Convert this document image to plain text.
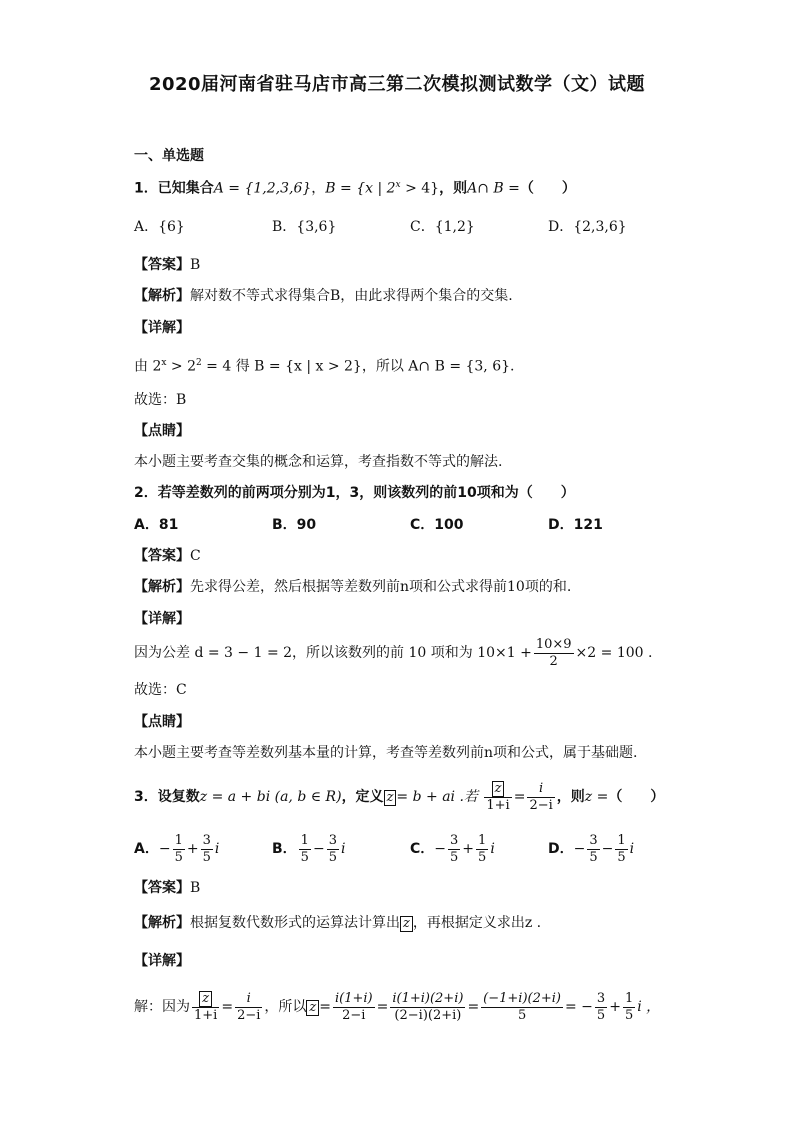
2020届河南省驻马店市高三第二次模拟测试数学（文）试题
一、单选题
1．已知集合A = {1,2,3,6}，B = {x | $2^x > 4$}，则A∩ B =（　　）
A．{6}	B．{3,6}	C．{1,2}	D．{2,3,6}
【答案】B
【解析】解对数不等式求得集合B，由此求得两个集合的交集.
【详解】
由 $2^x > 2^2 = 4$ 得 B = {x | x > 2}，所以 A∩ B = {3, 6}.
故选：B
【点睛】
本小题主要考查交集的概念和运算，考查指数不等式的解法.
2．若等差数列的前两项分别为1，3，则该数列的前10项和为（　　）
A．81	B．90	C．100	D．121
【答案】C
【解析】先求得公差，然后根据等差数列前n项和公式求得前10项的和.
【详解】
因为公差 d = 3 − 1 = 2，所以该数列的前 10 项和为 $10\times 1 + \frac{10\times 9}{2} \times 2 = 100$ .
故选：C
【点睛】
本小题主要考查等差数列基本量的计算，考查等差数列前n项和公式，属于基础题.
3．设复数z = a + bi (a, b ∈ R)，定义 z = b + ai .若 $\frac{z}{1+i} = \frac{i}{2-i}$ ，则z =（　　）
A．− $\frac{1}{5} + \frac{3}{5}$ i	B． $\frac{1}{5} - \frac{3}{5}$ i	C．− $\frac{3}{5} + \frac{1}{5}$ i	D．− $\frac{3}{5} - \frac{1}{5}$ i
【答案】B
【解析】根据复数代数形式的运算法计算出 z ，再根据定义求出z .
【详解】
解：因为 $\frac{z}{1+i} = \frac{i}{2-i}$ ，所以 $z = \frac{i(1+i)}{2-i} = \frac{i(1+i)(2+i)}{(2-i)(2+i)} = \frac{(-1+i)(2+i)}{5}$ = − $\frac{3}{5} + \frac{1}{5}$ i ，
